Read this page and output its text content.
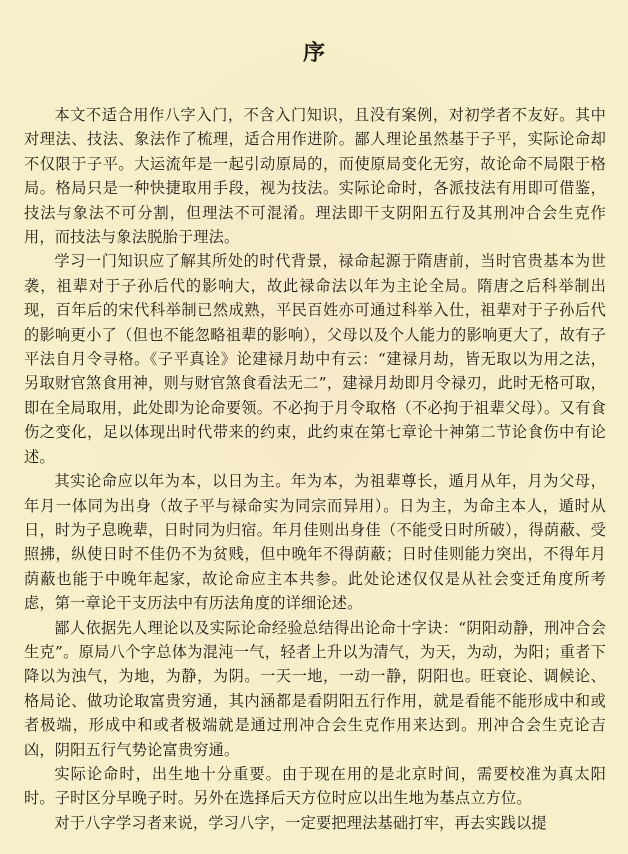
序

本文不适合用作八字入门，不含入门知识，且没有案例，对初学者不友好。其中对理法、技法、象法作了梳理，适合用作进阶。鄙人理论虽然基于子平，实际论命却不仅限于子平。大运流年是一起引动原局的，而使原局变化无穷，故论命不局限于格局。格局只是一种快捷取用手段，视为技法。实际论命时，各派技法有用即可借鉴，技法与象法不可分割，但理法不可混淆。理法即干支阴阳五行及其刑冲合会生克作用，而技法与象法脱胎于理法。

学习一门知识应了解其所处的时代背景，禄命起源于隋唐前，当时官贵基本为世袭，祖辈对于子孙后代的影响大，故此禄命法以年为主论全局。隋唐之后科举制出现，百年后的宋代科举制已然成熟，平民百姓亦可通过科举入仕，祖辈对于子孙后代的影响更小了（但也不能忽略祖辈的影响），父母以及个人能力的影响更大了，故有子平法自月令寻格。《子平真诠》论建禄月劫中有云：“建禄月劫，皆无取以为用之法，另取财官煞食用神，则与财官煞食看法无二”，建禄月劫即月令禄刃，此时无格可取，即在全局取用，此处即为论命要领。不必拘于月令取格（不必拘于祖辈父母）。又有食伤之变化，足以体现出时代带来的约束，此约束在第七章论十神第二节论食伤中有论述。

其实论命应以年为本，以日为主。年为本，为祖辈尊长，遁月从年，月为父母，年月一体同为出身（故子平与禄命实为同宗而异用）。日为主，为命主本人，遁时从日，时为子息晚辈，日时同为归宿。年月佳则出身佳（不能受日时所破），得荫蔽、受照拂，纵使日时不佳仍不为贫贱，但中晚年不得荫蔽；日时佳则能力突出，不得年月荫蔽也能于中晚年起家，故论命应主本共参。此处论述仅仅是从社会变迁角度所考虑，第一章论干支历法中有历法角度的详细论述。

鄙人依据先人理论以及实际论命经验总结得出论命十字诀：“阴阳动静，刑冲合会生克”。原局八个字总体为混沌一气，轻者上升以为清气，为天，为动，为阳；重者下降以为浊气，为地，为静，为阴。一天一地，一动一静，阴阳也。旺衰论、调候论、格局论、做功论取富贵穷通，其内涵都是看阴阳五行作用，就是看能不能形成中和或者极端，形成中和或者极端就是通过刑冲合会生克作用来达到。刑冲合会生克论吉凶，阴阳五行气势论富贵穷通。

实际论命时，出生地十分重要。由于现在用的是北京时间，需要校准为真太阳时。子时区分早晚子时。另外在选择后天方位时应以出生地为基点立方位。

对于八字学习者来说，学习八字，一定要把理法基础打牢，再去实践以提
